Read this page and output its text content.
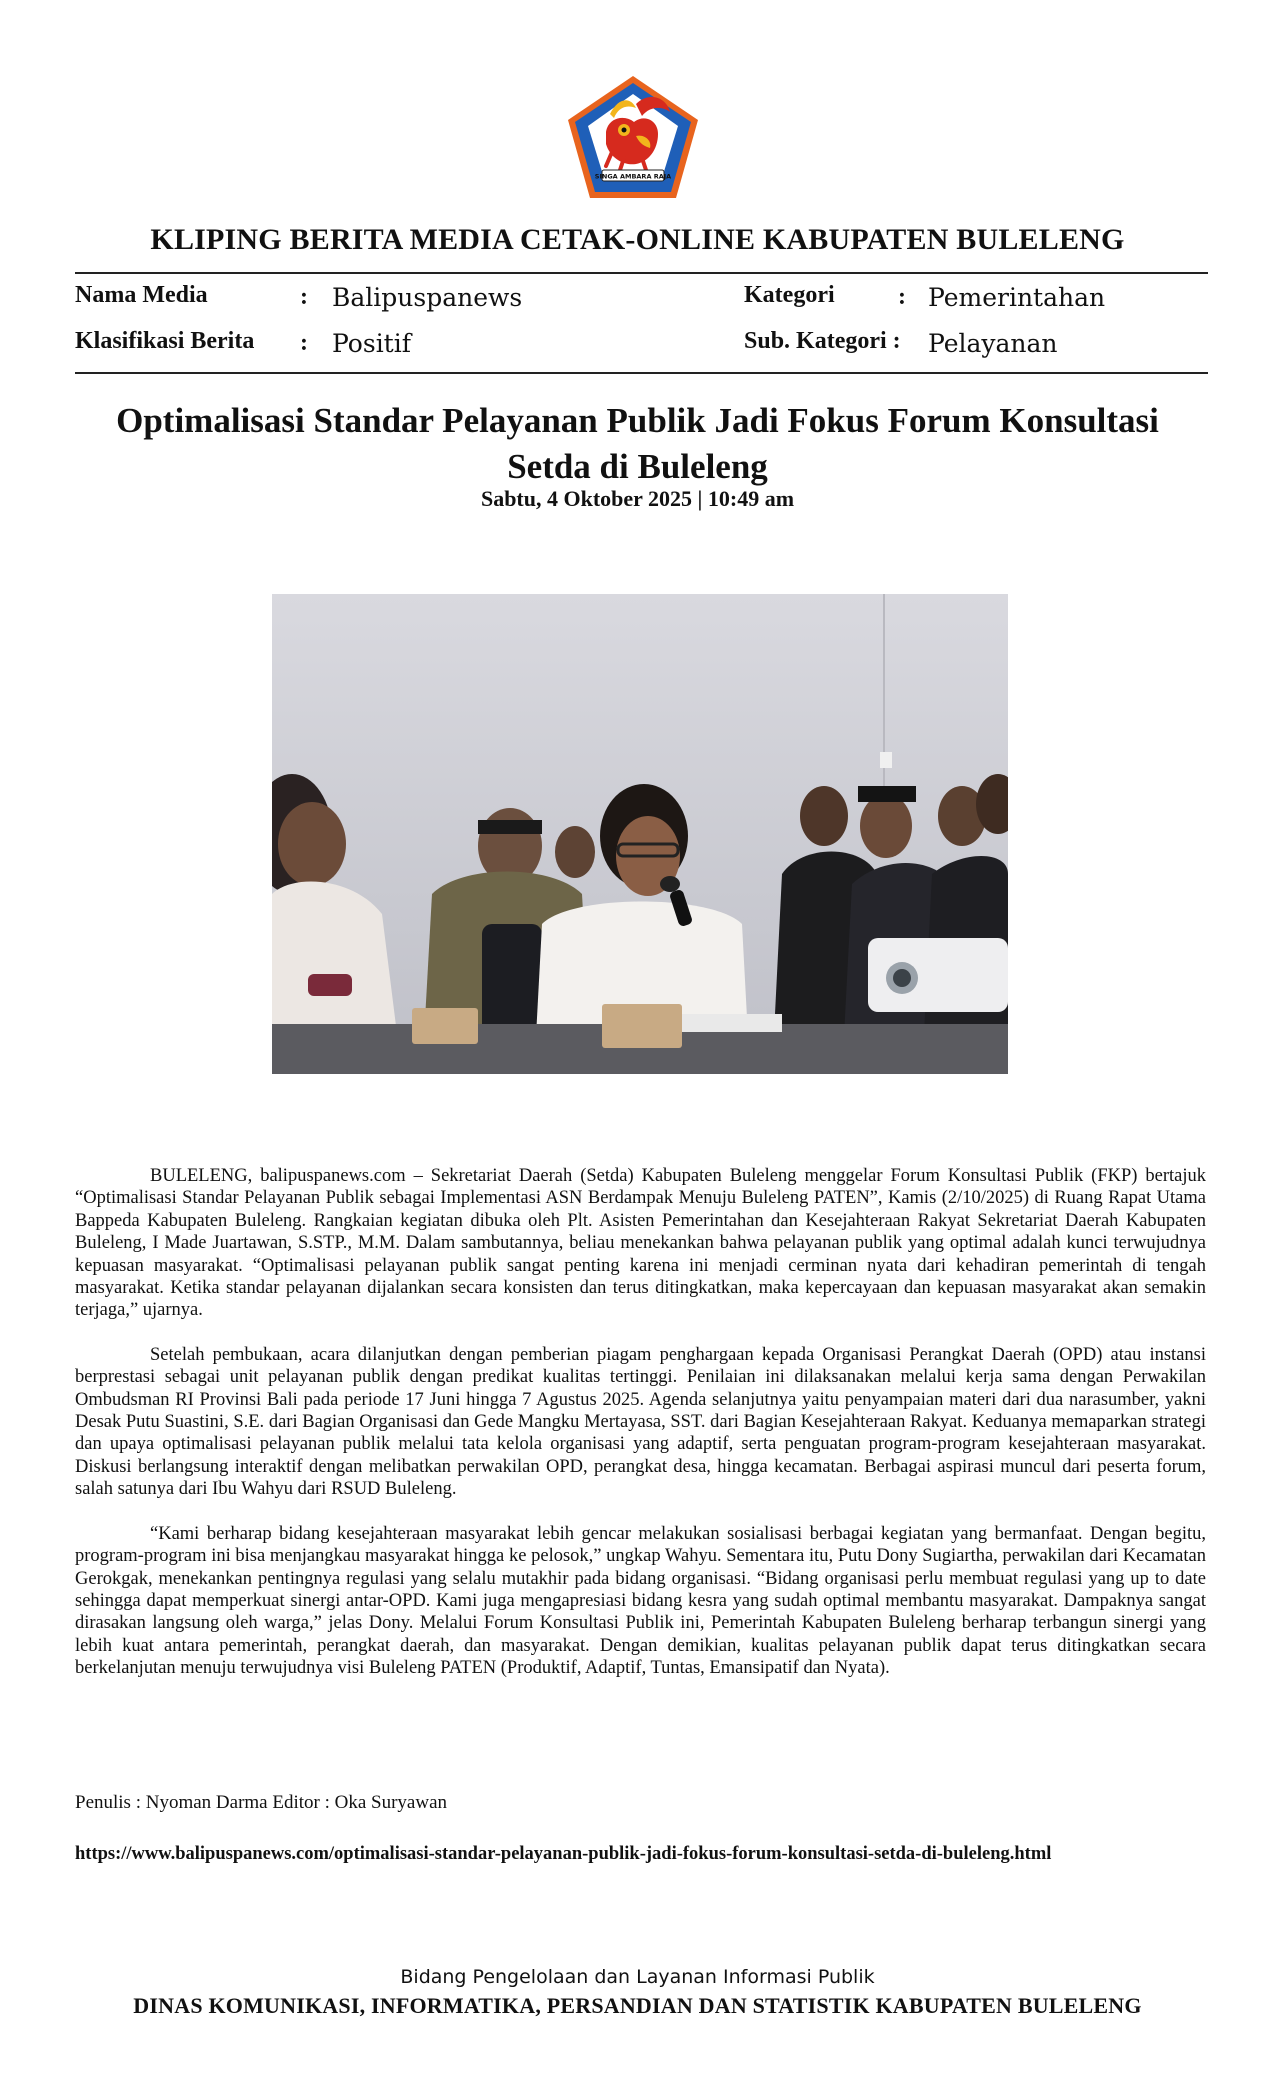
SINGA AMBARA RAJA
KLIPING BERITA MEDIA CETAK-ONLINE KABUPATEN BULELENG
Nama Media	: Balipuspanews
Klasifikasi Berita : Positif
Kategori	: Pemerintahan
Sub. Kategori : Pelayanan
Optimalisasi Standar Pelayanan Publik Jadi Fokus Forum Konsultasi Setda di Buleleng
Sabtu, 4 Oktober 2025 | 10:49 am

BULELENG, balipuspanews.com – Sekretariat Daerah (Setda) Kabupaten Buleleng menggelar Forum Konsultasi Publik (FKP) bertajuk “Optimalisasi Standar Pelayanan Publik sebagai Implementasi ASN Berdampak Menuju Buleleng PATEN”, Kamis (2/10/2025) di Ruang Rapat Utama Bappeda Kabupaten Buleleng. Rangkaian kegiatan dibuka oleh Plt. Asisten Pemerintahan dan Kesejahteraan Rakyat Sekretariat Daerah Kabupaten Buleleng, I Made Juartawan, S.STP., M.M. Dalam sambutannya, beliau menekankan bahwa pelayanan publik yang optimal adalah kunci terwujudnya kepuasan masyarakat. “Optimalisasi pelayanan publik sangat penting karena ini menjadi cerminan nyata dari kehadiran pemerintah di tengah masyarakat. Ketika standar pelayanan dijalankan secara konsisten dan terus ditingkatkan, maka kepercayaan dan kepuasan masyarakat akan semakin terjaga,” ujarnya.

Setelah pembukaan, acara dilanjutkan dengan pemberian piagam penghargaan kepada Organisasi Perangkat Daerah (OPD) atau instansi berprestasi sebagai unit pelayanan publik dengan predikat kualitas tertinggi. Penilaian ini dilaksanakan melalui kerja sama dengan Perwakilan Ombudsman RI Provinsi Bali pada periode 17 Juni hingga 7 Agustus 2025. Agenda selanjutnya yaitu penyampaian materi dari dua narasumber, yakni Desak Putu Suastini, S.E. dari Bagian Organisasi dan Gede Mangku Mertayasa, SST. dari Bagian Kesejahteraan Rakyat. Keduanya memaparkan strategi dan upaya optimalisasi pelayanan publik melalui tata kelola organisasi yang adaptif, serta penguatan program-program kesejahteraan masyarakat. Diskusi berlangsung interaktif dengan melibatkan perwakilan OPD, perangkat desa, hingga kecamatan. Berbagai aspirasi muncul dari peserta forum, salah satunya dari Ibu Wahyu dari RSUD Buleleng.

“Kami berharap bidang kesejahteraan masyarakat lebih gencar melakukan sosialisasi berbagai kegiatan yang bermanfaat. Dengan begitu, program-program ini bisa menjangkau masyarakat hingga ke pelosok,” ungkap Wahyu. Sementara itu, Putu Dony Sugiartha, perwakilan dari Kecamatan Gerokgak, menekankan pentingnya regulasi yang selalu mutakhir pada bidang organisasi. “Bidang organisasi perlu membuat regulasi yang up to date sehingga dapat memperkuat sinergi antar-OPD. Kami juga mengapresiasi bidang kesra yang sudah optimal membantu masyarakat. Dampaknya sangat dirasakan langsung oleh warga,” jelas Dony. Melalui Forum Konsultasi Publik ini, Pemerintah Kabupaten Buleleng berharap terbangun sinergi yang lebih kuat antara pemerintah, perangkat daerah, dan masyarakat. Dengan demikian, kualitas pelayanan publik dapat terus ditingkatkan secara berkelanjutan menuju terwujudnya visi Buleleng PATEN (Produktif, Adaptif, Tuntas, Emansipatif dan Nyata).

Penulis : Nyoman Darma Editor : Oka Suryawan
https://www.balipuspanews.com/optimalisasi-standar-pelayanan-publik-jadi-fokus-forum-konsultasi-setda-di-buleleng.html
Bidang Pengelolaan dan Layanan Informasi Publik
DINAS KOMUNIKASI, INFORMATIKA, PERSANDIAN DAN STATISTIK KABUPATEN BULELENG
